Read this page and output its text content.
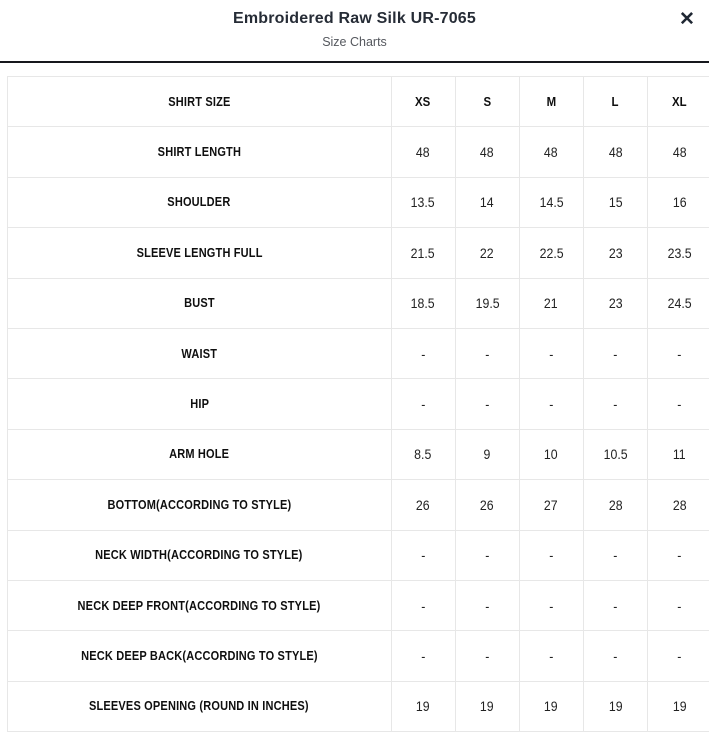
Embroidered Raw Silk UR-7065
Size Charts
✕
SHIRT SIZE	XS	S	M	L	XL
SHIRT LENGTH	48	48	48	48	48
SHOULDER	13.5	14	14.5	15	16
SLEEVE LENGTH FULL	21.5	22	22.5	23	23.5
BUST	18.5	19.5	21	23	24.5
WAIST	-	-	-	-	-
HIP	-	-	-	-	-
ARM HOLE	8.5	9	10	10.5	11
BOTTOM(ACCORDING TO STYLE)	26	26	27	28	28
NECK WIDTH(ACCORDING TO STYLE)	-	-	-	-	-
NECK DEEP FRONT(ACCORDING TO STYLE)	-	-	-	-	-
NECK DEEP BACK(ACCORDING TO STYLE)	-	-	-	-	-
SLEEVES OPENING (ROUND IN INCHES)	19	19	19	19	19
